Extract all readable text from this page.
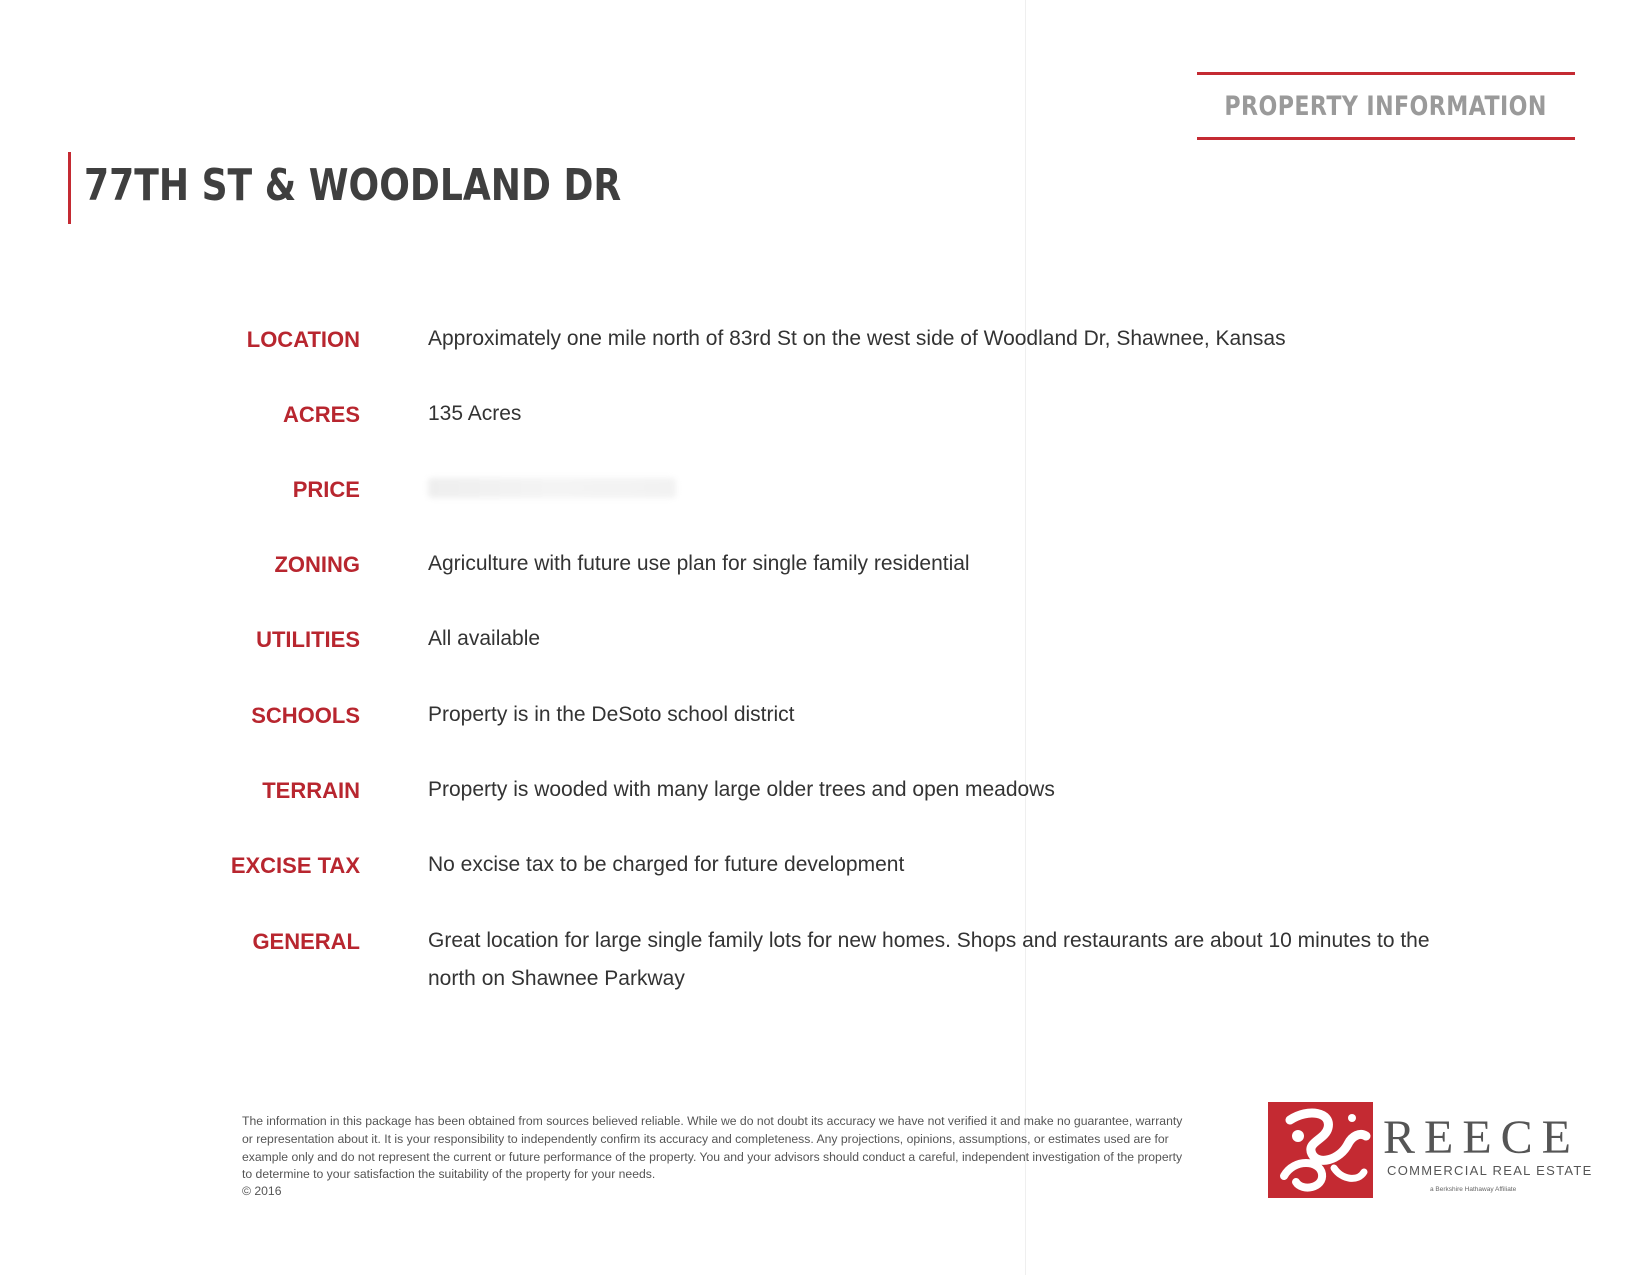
PROPERTY INFORMATION
77TH ST & WOODLAND DR
LOCATION	Approximately one mile north of 83rd St on the west side of Woodland Dr, Shawnee, Kansas
ACRES	135 Acres
PRICE
ZONING	Agriculture with future use plan for single family residential
UTILITIES	All available
SCHOOLS	Property is in the DeSoto school district
TERRAIN	Property is wooded with many large older trees and open meadows
EXCISE TAX	No excise tax to be charged for future development
GENERAL	Great location for large single family lots for new homes. Shops and restaurants are about 10 minutes to the north on Shawnee Parkway

The information in this package has been obtained from sources believed reliable. While we do not doubt its accuracy we have not verified it and make no guarantee, warranty or representation about it. It is your responsibility to independently confirm its accuracy and completeness. Any projections, opinions, assumptions, or estimates used are for example only and do not represent the current or future performance of the property. You and your advisors should conduct a careful, independent investigation of the property to determine to your satisfaction the suitability of the property for your needs.

© 2016

REECE

COMMERCIAL REAL ESTATE

a Berkshire Hathaway Affiliate
